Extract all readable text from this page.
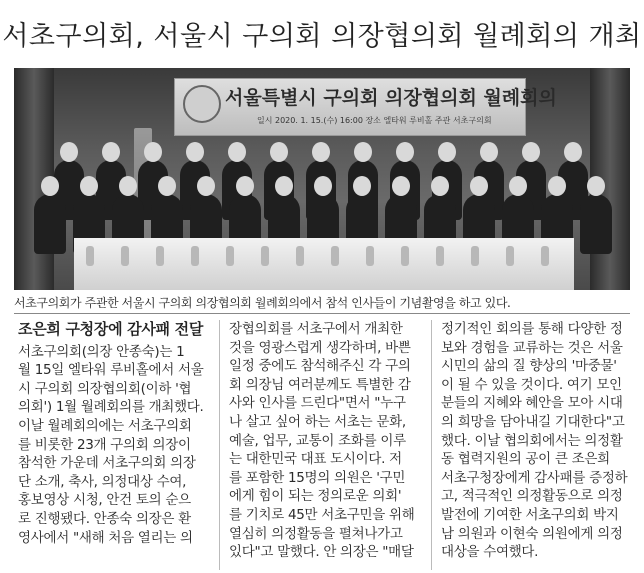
서초구의회, 서울시 구의회 의장협의회 월례회의 개최
서울특별시 구의회 의장협의회 월례회의
일시 2020. 1. 15.(수) 16:00 장소 엘타워 루비홀 주관 서초구의회
서초구의회가 주관한 서울시 구의회 의장협의회 월례회의에서 참석 인사들이 기념촬영을 하고 있다.
조은희 구청장에 감사패 전달

서초구의회(의장 안종숙)는 1
월 15일 엘타워 루비홀에서 서울
시 구의회 의장협의회(이하 '협
의회') 1월 월례회의를 개최했다.
이날 월례회의에는 서초구의회
를 비롯한 23개 구의회 의장이
참석한 가운데 서초구의회 의장
단 소개, 축사, 의정대상 수여,
홍보영상 시청, 안건 토의 순으
로 진행됐다. 안종숙 의장은 환
영사에서 "새해 처음 열리는 의

장협의회를 서초구에서 개최한
것을 영광스럽게 생각하며, 바쁜
일정 중에도 참석해주신 각 구의
회 의장님 여러분께도 특별한 감
사와 인사를 드린다"면서 "누구
나 살고 싶어 하는 서초는 문화,
예술, 업무, 교통이 조화를 이루
는 대한민국 대표 도시이다. 저
를 포함한 15명의 의원은 '구민
에게 힘이 되는 정의로운 의회'
를 기치로 45만 서초구민을 위해
열심히 의정활동을 펼쳐나가고
있다"고 말했다. 안 의장은 "매달

정기적인 회의를 통해 다양한 정
보와 경험을 교류하는 것은 서울
시민의 삶의 질 향상의 '마중물'
이 될 수 있을 것이다. 여기 모인
분들의 지혜와 혜안을 모아 시대
의 희망을 담아내길 기대한다"고
했다. 이날 협의회에서는 의정활
동 협력지원의 공이 큰 조은희
서초구청장에게 감사패를 증정하
고, 적극적인 의정활동으로 의정
발전에 기여한 서초구의회 박지
남 의원과 이현숙 의원에게 의정
대상을 수여했다.
